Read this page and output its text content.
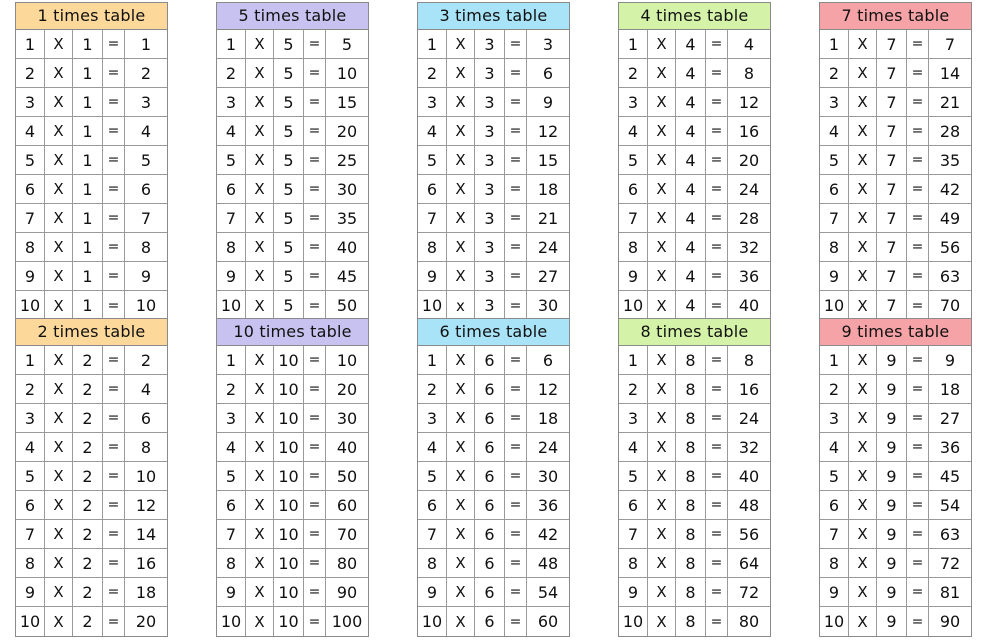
1 times table
1	X	1	=	1
2	X	1	=	2
3	X	1	=	3
4	X	1	=	4
5	X	1	=	5
6	X	1	=	6
7	X	1	=	7
8	X	1	=	8
9	X	1	=	9
10 X	1	=	10
5 times table
1	X	5	=	5
2	X	5	=	10
3	X	5	=	15
4	X	5	=	20
5	X	5	=	25
6	X	5	=	30
7	X	5	=	35
8	X	5	=	40
9	X	5	=	45
10 X	5	=	50
3 times table
1	X	3	=	3
2	X	3	=	6
3	X	3	=	9
4	X	3	=	12
5	X	3	=	15
6	X	3	=	18
7	X	3	=	21
8	X	3	=	24
9	X	3	=	27
10 x	3	=	30
4 times table
1	X	4	=	4
2	X	4	=	8
3	X	4	=	12
4	X	4	=	16
5	X	4	=	20
6	X	4	=	24
7	X	4	=	28
8	X	4	=	32
9	X	4	=	36
10 X	4	=	40
7 times table
1	X	7	=	7
2	X	7	=	14
3	X	7	=	21
4	X	7	=	28
5	X	7	=	35
6	X	7	=	42
7	X	7	=	49
8	X	7	=	56
9	X	7	=	63
10 X	7	=	70
2 times table
1	X	2	=	2
2	X	2	=	4
3	X	2	=	6
4	X	2	=	8
5	X	2	=	10
6	X	2	=	12
7	X	2	=	14
8	X	2	=	16
9	X	2	=	18
10 X	2	=	20
10 times table
1	X 10 =	10
2	X 10 =	20
3	X 10 =	30
4	X 10 =	40
5	X 10 =	50
6	X 10 =	60
7	X 10 =	70
8	X 10 =	80
9	X 10 =	90
10 X 10 = 100
6 times table
1	X	6	=	6
2	X	6	=	12
3	X	6	=	18
4	X	6	=	24
5	X	6	=	30
6	X	6	=	36
7	X	6	=	42
8	X	6	=	48
9	X	6	=	54
10 X	6	=	60
8 times table
1	X	8	=	8
2	X	8	=	16
3	X	8	=	24
4	X	8	=	32
5	X	8	=	40
6	X	8	=	48
7	X	8	=	56
8	X	8	=	64
9	X	8	=	72
10 X	8	=	80
9 times table
1	X	9	=	9
2	X	9	=	18
3	X	9	=	27
4	X	9	=	36
5	X	9	=	45
6	X	9	=	54
7	X	9	=	63
8	X	9	=	72
9	X	9	=	81
10 X	9	=	90
